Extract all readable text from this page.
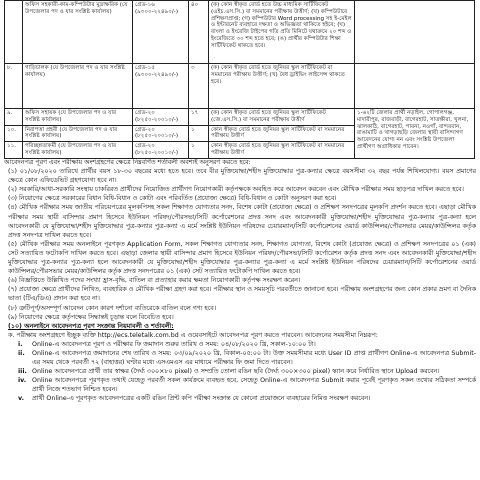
	অফিস সহকারী-কাম-কম্পিউটার মুদ্রাক্ষরিক (যে উপজেলার পদ ও যার সংশ্লিষ্ট কার্যালয়)	গ্রেড-১৬ (৯৩০০-২২৪৯০/-)	৪০	(ক) কোন স্বীকৃত বোর্ড হতে উচ্চ মাধ্যমিক সার্টিফিকেট (এইচ.এস.সি.) বা সমমানের পরীক্ষায় উত্তীর্ণ; (খ) কম্পিউটারে প্রশিক্ষণপ্রাপ্ত; (গ) কম্পিউটার Word processing সহ ই-মেইল ও ইন্টারনেট ব্যবহারে দক্ষতা ও অভিজ্ঞতা থাকিতে হইবে; (ঘ) বাংলা ও ইংরেজি টাইপের গতি প্রতি মিনিটে যথাক্রমে ২০ শব্দ ও ইংরেজিতে ৩০ শব্দ হতে হবে; (ঙ) প্রার্থীর কম্পিউটার শিক্ষা সার্টিফিকেট থাকতে হবে।	
৮.	গাড়িচালক (যে উপজেলার পদ ও যার সংশ্লিষ্ট কার্যালয়)	গ্রেড-১৫ (৯৩০০-২২৪৯০/-)	৩	(ক) কোন স্বীকৃত বোর্ড হতে জুনিয়র স্কুল সার্টিফিকেট বা সমমানের পরীক্ষায় উত্তীর্ণ; (খ) বৈধ ড্রাইভিং লাইসেন্স থাকতে হবে।	
৯.	অফিস সহায়ক (যে উপজেলার পদ ও যার সংশ্লিষ্ট কার্যালয়)	গ্রেড-২০ (৮২৫০-২০০১০/-)	১৭	(ক) কোন স্বীকৃত বোর্ড হতে জুনিয়র স্কুল সার্টিফিকেট (জে.এস.সি.) বা সমমানের পরীক্ষায় উত্তীর্ণ	১-৬২টি জেলার প্রার্থী নড়াইল, গোপালগঞ্জ, মাদারীপুর, রাজবাড়ী, বাগেরহাট, সাতক্ষীরা, খুলনা, ঝালকাঠি, বাগেরহাট, পাবনা, নওগাঁ, বান্দরবান, রাঙামাটি ও খাগড়াছড়ি জেলার স্থায়ী বাসিন্দাগণ আবেদনের যোগ্য নন এবং সংশ্লিষ্ট উপজেলা প্রার্থীগণ অগ্রাধিকার পাবেন।
১০.	নিরাপত্তা প্রহরী (যে উপজেলার পদ ও যার সংশ্লিষ্ট কার্যালয়)	গ্রেড-২০ (৮২৫০-২০০১০/-)	১	কোন স্বীকৃত বোর্ড হতে জুনিয়র স্কুল সার্টিফিকেট বা সমমানের পরীক্ষায় উত্তীর্ণ	
১১.	পরিচ্ছন্নতাকর্মী (যে উপজেলার পদ ও যার সংশ্লিষ্ট কার্যালয়)	গ্রেড-২০ (৮২৫০-২০০১০/-)	১	কোন স্বীকৃত বোর্ড হতে জুনিয়র স্কুল সার্টিফিকেট বা সমমানের পরীক্ষায় উত্তীর্ণ	

আবেদনপত্র পূরণ এবং পরীক্ষায় অংশগ্রহণের ক্ষেত্রে নিম্নবর্ণিত শর্তাবলী অবশ্যই অনুসরণ করতে হবে:

(১) ০১/০৮/২০২০ তারিখে প্রার্থীর বয়স ১৮-৩০ বছরের মধ্যে হতে হবে। তবে বীর মুক্তিযোদ্ধা/শহীদ মুক্তিযোদ্ধার পুত্র-কন্যার ক্ষেত্রে বয়সসীমা ৩২ বছর পর্যন্ত শিথিলযোগ্য। বয়স প্রমাণের ক্ষেত্রে কোন এফিডেভিট গ্রহণযোগ্য হবে না।

(২) সরকারি/আধা-সরকারি সংস্থায় চাকরিরত প্রার্থীদের নিয়োজিত প্রার্থীগণ নিয়োগকারী কর্তৃপক্ষকে অবহিত করে আবেদন করবেন এবং মৌখিক পরীক্ষার সময় ছাড়পত্র দাখিল করতে হবে।

(৩) নিয়োগের ক্ষেত্রে সরকারের বিধান বিধি-বিধান ও কোটা এবং পরিবর্তিত (প্রযোজ্য ক্ষেত্রে) বিধি-বিধান ও কোটা অনুসরণ করা হবে।

(৪) মৌখিক পরীক্ষার সময় জাতীয় পরিচয়পত্রের মূলকপিসহ সকল শিক্ষাগত যোগ্যতার সনদ, বিশেষ কোটা (প্রযোজ্য ক্ষেত্রে) ও প্রশিক্ষণ সনদপত্রের মূলকপি প্রদর্শন করতে হবে। এছাড়া মৌখিক পরীক্ষার সময় স্থায়ী বাসিন্দার প্রমাণ হিসেবে ইউনিয়ন পরিষদ/পৌরসভা/সিটি কর্পোরেশনের প্রদত্ত সনদ এবং আবেদনকারী মুক্তিযোদ্ধা/শহীদ মুক্তিযোদ্ধার পুত্র-কন্যার পুত্র-কন্যা হলে আবেদনকারী যে মুক্তিযোদ্ধা/শহীদ মুক্তিযোদ্ধার পুত্র-কন্যার পুত্র-কন্যা এ মর্মে সংশ্লিষ্ট ইউনিয়ন পরিষদের চেয়ারম্যান/সিটি কর্পোরেশনের ওয়ার্ড কাউন্সিলর/পৌরসভার মেয়র/কাউন্সিলর কর্তৃক প্রদত্ত সনদপত্র দাখিল করতে হবে।

(৫) মৌখিক পরীক্ষার সময় অনলাইনে পূরণকৃত Application Form, সকল শিক্ষাগত যোগ্যতার সনদ, শিক্ষাগত যোগ্যতা, বিশেষ কোটা (প্রযোজ্য ক্ষেত্রে) ও প্রশিক্ষণ সনদপত্রের ০১ (এক) সেট সত্যায়িত ফটোকপি দাখিল করতে হবে। এছাড়া জেলার স্থায়ী বাসিন্দার প্রমাণ হিসেবে ইউনিয়ন পরিষদ/পৌরসভা/সিটি কর্পোরেশন কর্তৃক প্রদত্ত সনদ এবং আবেদনকারী মুক্তিযোদ্ধা/শহীদ মুক্তিযোদ্ধার পুত্র-কন্যার পুত্র-কন্যা হলে আবেদনকারী যে মুক্তিযোদ্ধা/শহীদ মুক্তিযোদ্ধার পুত্র-কন্যার পুত্র-কন্যা এ মর্মে সংশ্লিষ্ট ইউনিয়ন পরিষদের চেয়ারম্যান/সিটি কর্পোরেশনের ওয়ার্ড কাউন্সিলর/পৌরসভার মেয়র/কাউন্সিলর কর্তৃক প্রদত্ত সনদপত্রের ০১ (এক) সেট সত্যায়িত ফটোকপি দাখিল করতে হবে।

(৬) বিজ্ঞপ্তিতে উল্লিখিত পদের সংখ্যা হ্রাস-বৃদ্ধি, বাতিল বা প্রত্যাহার করার ক্ষমতা নিয়োগকারী কর্তৃপক্ষ সংরক্ষণ করেন।

(৭) প্রযোজ্য ক্ষেত্রে প্রার্থীদের লিখিত, ব্যবহারিক ও মৌখিক পরীক্ষা গ্রহণ করা হবে। পরীক্ষার স্থান ও সময়সূচি পরবর্তীতে জানানো হবে। পরীক্ষায় অংশগ্রহণের জন্য কোন প্রকার ভ্রমণ বা দৈনিক ভাতা (টিএ/ডিএ) প্রদান করা হবে না।

(৮) ত্রুটিপূর্ণ/অসম্পূর্ণ আবেদন কোন কারণ দর্শানো ব্যতিরেকে বাতিল বলে গণ্য হবে।

(৯) নিয়োগের ক্ষেত্রে কর্তৃপক্ষের সিদ্ধান্তই চূড়ান্ত বলে বিবেচিত হবে।

(১০) অনলাইনে আবেদনপত্র পূরণ সংক্রান্ত নিয়মাবলী ও শর্তাবলী:

ক. পরীক্ষায় অংশগ্রহণে ইচ্ছুক ব্যক্তি http://ecs.teletalk.com.bd এ ওয়েবসাইটে আবেদনপত্র পূরণ করতে পারবেন। আবেদনের সময়সীমা নিম্নরূপ:

i.	Online-এ আবেদনপত্র পূরণ ও পরীক্ষার ফি জমাদান শুরুর তারিখ ও সময়: ০৪/০৮/২০২০ খ্রি, সকাল-১০:০০ টা।
ii.	Online-এ আবেদনপত্র জমাদানের শেষ তারিখ ও সময়: ০৩/০৯/২০২০ খ্রি, বিকাল-০৫:০০ টা। উক্ত সময়সীমার মধ্যে User ID প্রাপ্ত প্রার্থীগণ Online-এ আবেদনপত্র Submit-এর সময় থেকে পরবর্তী ৭২ (বাহাত্তর) ঘণ্টার মধ্যে এসএমএস এর মাধ্যমে পরীক্ষার ফি জমা দিতে পারবেন।
iii. Online আবেদনপত্রে প্রার্থী তার স্বাক্ষর (দৈর্ঘ্য ৩০০×৮০ pixel) ও সম্প্রতি তোলা রঙিন ছবি (দৈর্ঘ্য ৩০০×৩০০ pixel) স্ক্যান করে নির্ধারিত স্থানে Upload করবেন।
iv. Online আবেদনপত্রে পূরণকৃত তথ্যই যেহেতু পরবর্তী সকল কার্যক্রমে ব্যবহৃত হবে, সেহেতু Online-এ আবেদনপত্র Submit করার পূর্বেই পূরণকৃত সকল তথ্যের সঠিকতা সম্পর্কে প্রার্থী নিজে শতভাগ নিশ্চিত হবেন।
v.	প্রার্থী Online-এ পূরণকৃত আবেদনপত্রের একটি রঙিন প্রিন্ট কপি পরীক্ষা সংক্রান্ত যে কোনো প্রয়োজনে ব্যবহারের নিমিত্ত সংরক্ষণ করবেন।
